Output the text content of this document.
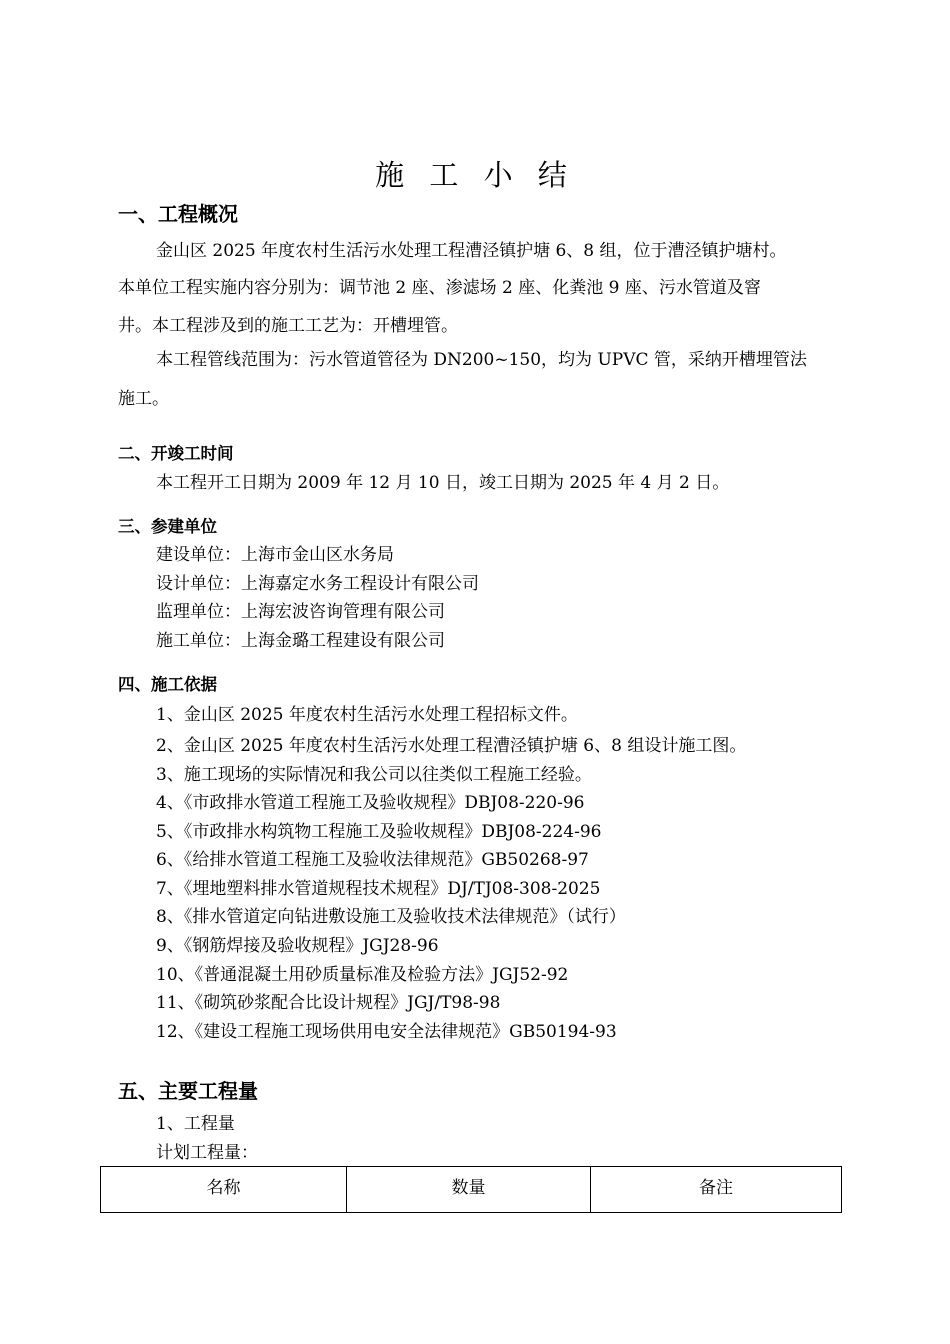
施 工 小 结
一、工程概况
金山区 2025 年度农村生活污水处理工程漕泾镇护塘 6、8 组，位于漕泾镇护塘村。
本单位工程实施内容分别为：调节池 2 座、渗滤场 2 座、化粪池 9 座、污水管道及窨
井。本工程涉及到的施工工艺为：开槽埋管。
本工程管线范围为：污水管道管径为 DN200~150，均为 UPVC 管，采纳开槽埋管法
施工。
二、开竣工时间
本工程开工日期为 2009 年 12 月 10 日，竣工日期为 2025 年 4 月 2 日。
三、参建单位
建设单位：上海市金山区水务局
设计单位：上海嘉定水务工程设计有限公司
监理单位：上海宏波咨询管理有限公司
施工单位：上海金璐工程建设有限公司
四、施工依据
1、金山区 2025 年度农村生活污水处理工程招标文件。
2、金山区 2025 年度农村生活污水处理工程漕泾镇护塘 6、8 组设计施工图。
3、施工现场的实际情况和我公司以往类似工程施工经验。
4、《市政排水管道工程施工及验收规程》DBJ08-220-96
5、《市政排水构筑物工程施工及验收规程》DBJ08-224-96
6、《给排水管道工程施工及验收法律规范》GB50268-97
7、《埋地塑料排水管道规程技术规程》DJ/TJ08-308-2025
8、《排水管道定向钻进敷设施工及验收技术法律规范》（试行）
9、《钢筋焊接及验收规程》JGJ28-96
10、《普通混凝土用砂质量标准及检验方法》JGJ52-92
11、《砌筑砂浆配合比设计规程》JGJ/T98-98
12、《建设工程施工现场供用电安全法律规范》GB50194-93
五、主要工程量
1、工程量
计划工程量：
名称	数量	备注
